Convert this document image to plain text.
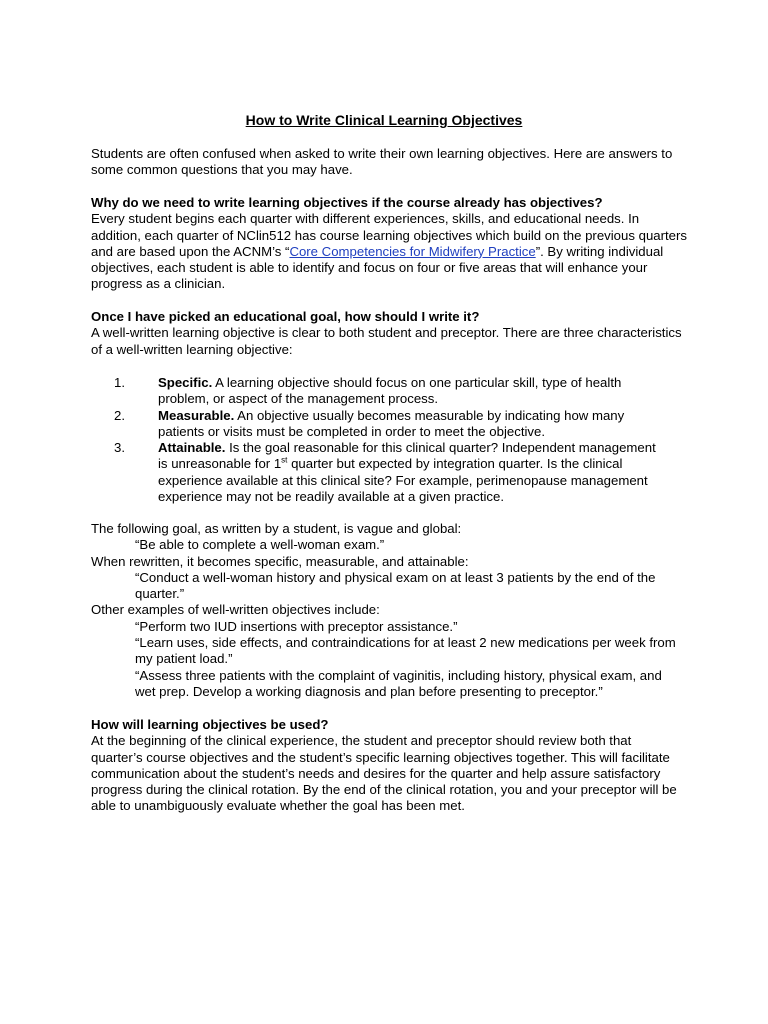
How to Write Clinical Learning Objectives

Students are often confused when asked to write their own learning objectives. Here are answers to some common questions that you may have.

Why do we need to write learning objectives if the course already has objectives?

Every student begins each quarter with different experiences, skills, and educational needs. In addition, each quarter of NClin512 has course learning objectives which build on the previous quarters and are based upon the ACNM’s “Core Competencies for Midwifery Practice”. By writing individual objectives, each student is able to identify and focus on four or five areas that will enhance your progress as a clinician.

Once I have picked an educational goal, how should I write it?

A well-written learning objective is clear to both student and preceptor. There are three characteristics of a well-written learning objective:

1.	Specific. A learning objective should focus on one particular skill, type of health problem, or aspect of the management process.
2.	Measurable. An objective usually becomes measurable by indicating how many patients or visits must be completed in order to meet the objective.
3.	Attainable. Is the goal reasonable for this clinical quarter? Independent management is unreasonable for 1st quarter but expected by integration quarter. Is the clinical experience available at this clinical site? For example, perimenopause management experience may not be readily available at a given practice.

The following goal, as written by a student, is vague and global:

“Be able to complete a well-woman exam.”

When rewritten, it becomes specific, measurable, and attainable:

“Conduct a well-woman history and physical exam on at least 3 patients by the end of the quarter.”

Other examples of well-written objectives include:

“Perform two IUD insertions with preceptor assistance.”

“Learn uses, side effects, and contraindications for at least 2 new medications per week from my patient load.”

“Assess three patients with the complaint of vaginitis, including history, physical exam, and wet prep. Develop a working diagnosis and plan before presenting to preceptor.”

How will learning objectives be used?

At the beginning of the clinical experience, the student and preceptor should review both that quarter’s course objectives and the student’s specific learning objectives together. This will facilitate communication about the student’s needs and desires for the quarter and help assure satisfactory progress during the clinical rotation. By the end of the clinical rotation, you and your preceptor will be able to unambiguously evaluate whether the goal has been met.
